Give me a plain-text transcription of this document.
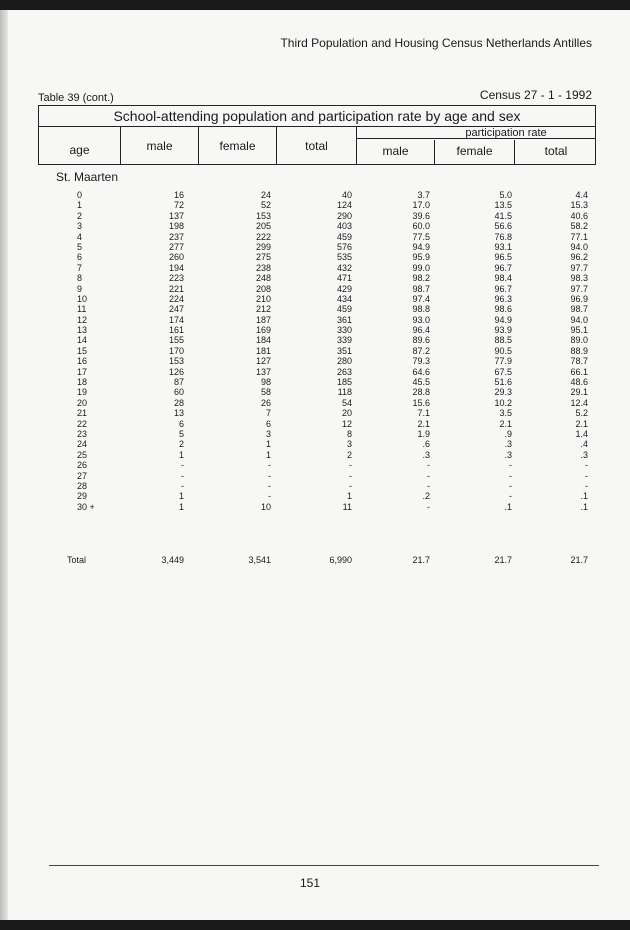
Third Population and Housing Census Netherlands Antilles
Table 39 (cont.)	Census 27 - 1 - 1992
School-attending population and participation rate by age and sex
age	male	female	total
participation rate
male	female	total
St. Maarten
0	16	24	40	3.7	5.0	4.4
1	72	52	124	17.0	13.5	15.3
2	137	153	290	39.6	41.5	40.6
3	198	205	403	60.0	56.6	58.2
4	237	222	459	77.5	76.8	77.1
5	277	299	576	94.9	93.1	94.0
6	260	275	535	95.9	96.5	96.2
7	194	238	432	99.0	96.7	97.7
8	223	248	471	98.2	98.4	98.3
9	221	208	429	98.7	96.7	97.7
10	224	210	434	97.4	96.3	96.9
11	247	212	459	98.8	98.6	98.7
12	174	187	361	93.0	94.9	94.0
13	161	169	330	96.4	93.9	95.1
14	155	184	339	89.6	88.5	89.0
15	170	181	351	87.2	90.5	88.9
16	153	127	280	79.3	77.9	78.7
17	126	137	263	64.6	67.5	66.1
18	87	98	185	45.5	51.6	48.6
19	60	58	118	28.8	29.3	29.1
20	28	26	54	15.6	10.2	12.4
21	13	7	20	7.1	3.5	5.2
22	6	6	12	2.1	2.1	2.1
23	5	3	8	1.9	.9	1.4
24	2	1	3	.6	.3	.4
25	1	1	2	.3	.3	.3
26	-	-	-	-	-	-
27	-	-	-	-	-	-
28	-	-	-	-	-	-
29	1	-	1	.2	-	.1
30 +	1	10	11	-	.1	.1
Total	3,449	3,541	6,990	21.7	21.7	21.7
151
